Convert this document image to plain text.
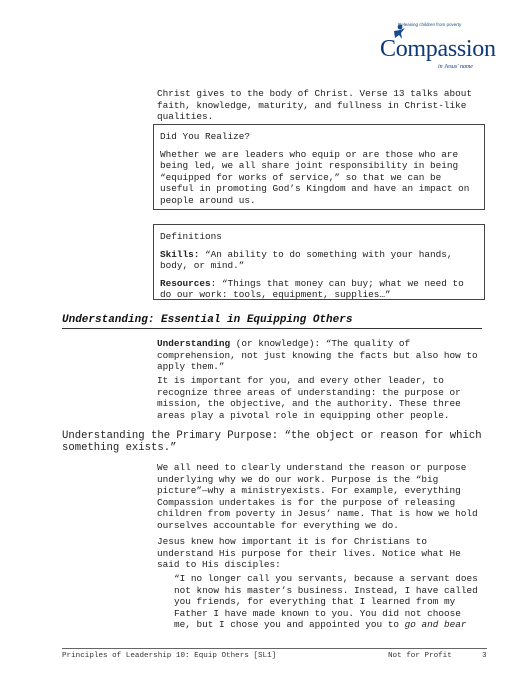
Releasing children from poverty
Compassion
in Jesus' name

Christ gives to the body of Christ. Verse 13 talks about

faith, knowledge, maturity, and fullness in Christ-like

qualities.

Did You Realize?

Whether we are leaders who equip or are those who are

being led, we all share joint responsibility in being

“equipped for works of service,” so that we can be

useful in promoting God’s Kingdom and have an impact on

people around us.

Definitions

Skills: “An ability to do something with your hands,

body, or mind.”

Resources: “Things that money can buy; what we need to

do our work: tools, equipment, supplies…”

Understanding: Essential in Equipping Others

Understanding (or knowledge): “The quality of

comprehension, not just knowing the facts but also how to

apply them.”

It is important for you, and every other leader, to

recognize three areas of understanding: the purpose or

mission, the objective, and the authority. These three

areas play a pivotal role in equipping other people.

Understanding the Primary Purpose: “the object or reason for which

something exists.”

We all need to clearly understand the reason or purpose

underlying why we do our work. Purpose is the “big

picture”—why a ministryexists. For example, everything

Compassion undertakes is for the purpose of releasing

children from poverty in Jesus’ name. That is how we hold

ourselves accountable for everything we do.

Jesus knew how important it is for Christians to

understand His purpose for their lives. Notice what He

said to His disciples:

“I no longer call you servants, because a servant does

not know his master’s business. Instead, I have called

you friends, for everything that I learned from my

Father I have made known to you. You did not choose

me, but I chose you and appointed you to go and bear

Principles of Leadership 10: Equip Others [SL1]	Not for Profit	3
